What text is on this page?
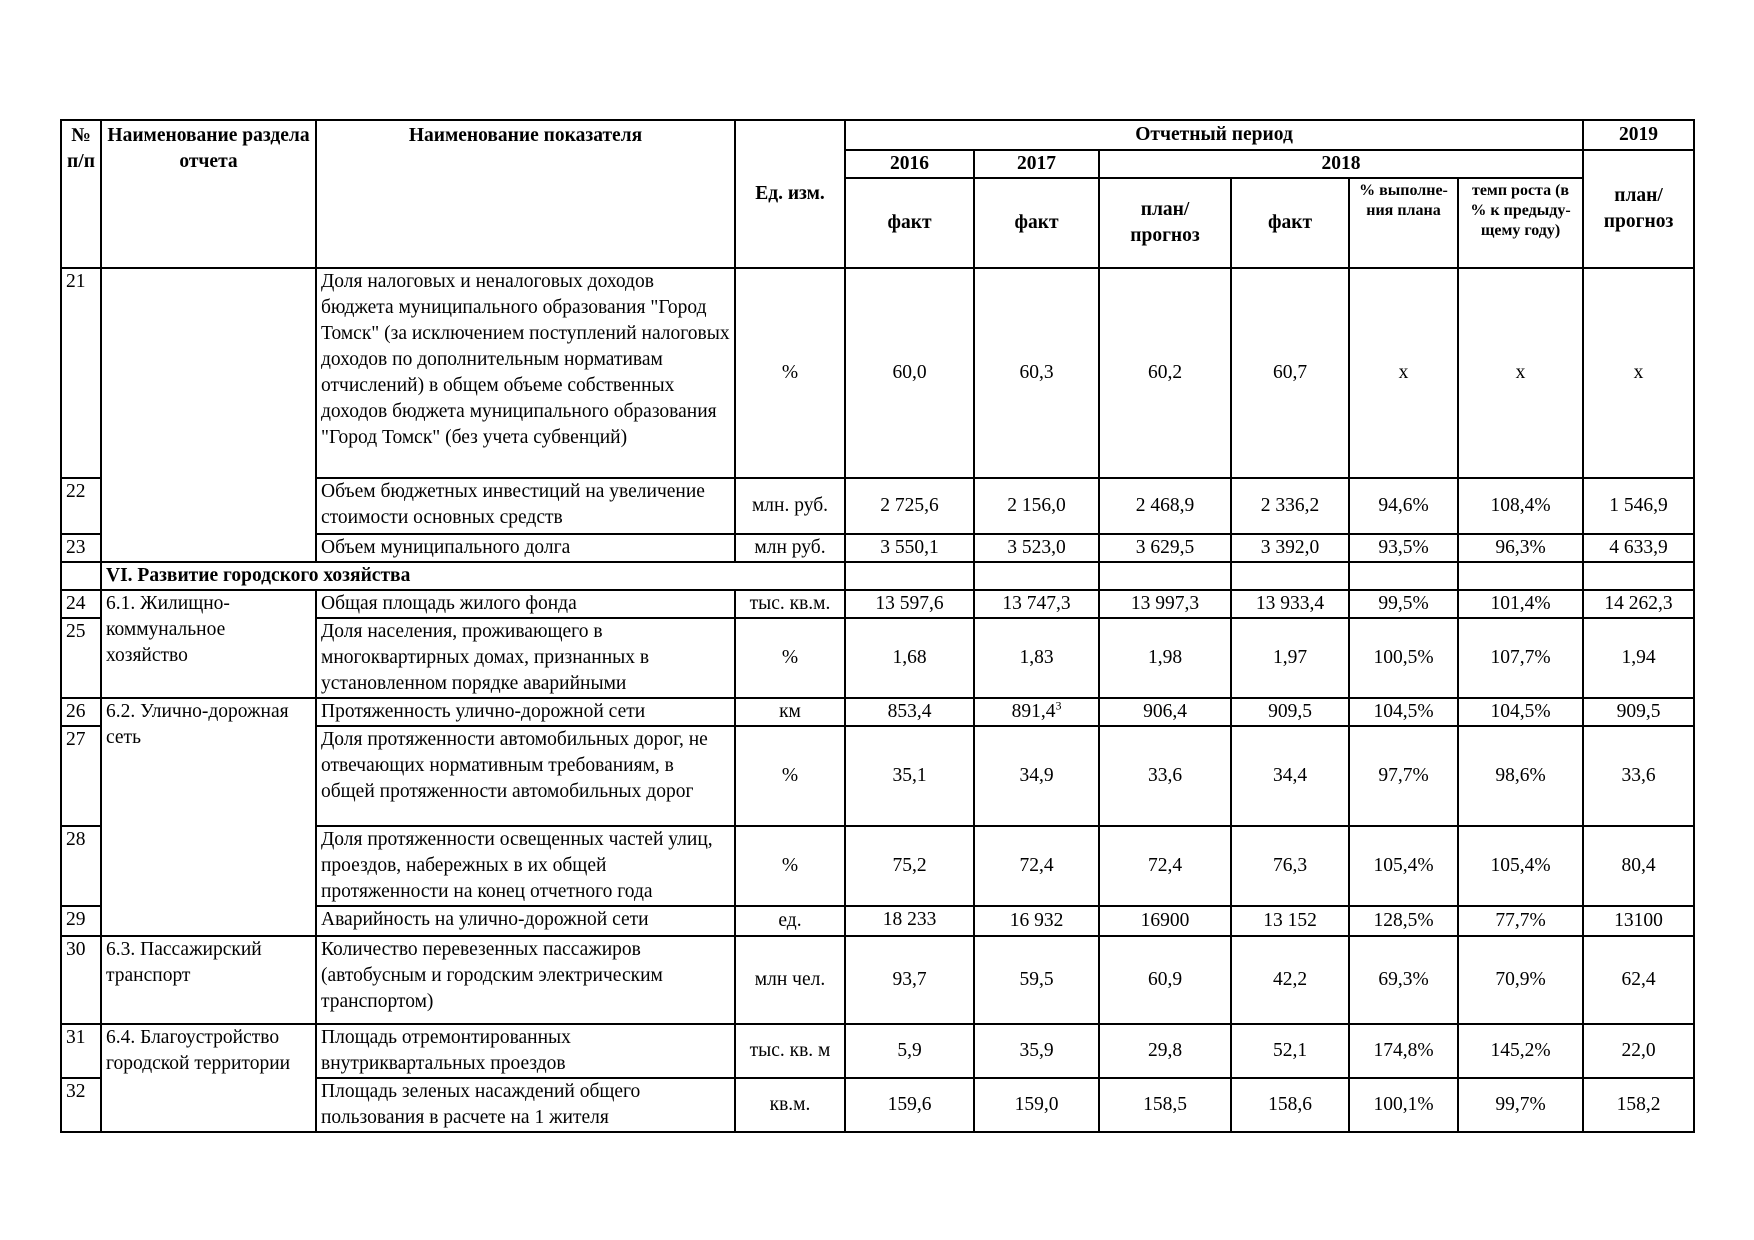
№ п/п	Наименование раздела отчета	Наименование показателя	Ед. изм.	Отчетный период						2019
				2016	2017	2018				план/ прогноз
				факт	факт	план/ прогноз	факт	% выполне-ния плана	темп роста (в % к предыду-щему году)	
21		Доля налоговых и неналоговых доходов бюджета муниципального образования "Город Томск" (за исключением поступлений налоговых доходов по дополнительным нормативам отчислений) в общем объеме собственных доходов бюджета муниципального образования "Город Томск" (без учета субвенций)	%	60,0	60,3	60,2	60,7	х	х	х
22		Объем бюджетных инвестиций на увеличение стоимости основных средств	млн. руб.	2 725,6	2 156,0	2 468,9	2 336,2	94,6%	108,4%	1 546,9
23		Объем муниципального долга	млн руб.	3 550,1	3 523,0	3 629,5	3 392,0	93,5%	96,3%	4 633,9
	VI. Развитие городского хозяйства									
24	6.1. Жилищно-коммунальное хозяйство	Общая площадь жилого фонда	тыс. кв.м.	13 597,6	13 747,3	13 997,3	13 933,4	99,5%	101,4%	14 262,3
25		Доля населения, проживающего в многоквартирных домах, признанных в установленном порядке аварийными	%	1,68	1,83	1,98	1,97	100,5%	107,7%	1,94
26	6.2. Улично-дорожная сеть	Протяженность улично-дорожной сети	км	853,4	891,4$^3$	906,4	909,5	104,5%	104,5%	909,5
27		Доля протяженности автомобильных дорог, не отвечающих нормативным требованиям, в общей протяженности автомобильных дорог	%	35,1	34,9	33,6	34,4	97,7%	98,6%	33,6
28		Доля протяженности освещенных частей улиц, проездов, набережных в их общей протяженности на конец отчетного года	%	75,2	72,4	72,4	76,3	105,4%	105,4%	80,4
29		Аварийность на улично-дорожной сети	ед.	18 233	16 932	16900	13 152	128,5%	77,7%	13100
30	6.3. Пассажирский транспорт	Количество перевезенных пассажиров (автобусным и городским электрическим транспортом)	млн чел.	93,7	59,5	60,9	42,2	69,3%	70,9%	62,4
31	6.4. Благоустройство городской территории	Площадь отремонтированных внутриквартальных проездов	тыс. кв. м	5,9	35,9	29,8	52,1	174,8%	145,2%	22,0
32		Площадь зеленых насаждений общего пользования в расчете на 1 жителя	кв.м.	159,6	159,0	158,5	158,6	100,1%	99,7%	158,2
